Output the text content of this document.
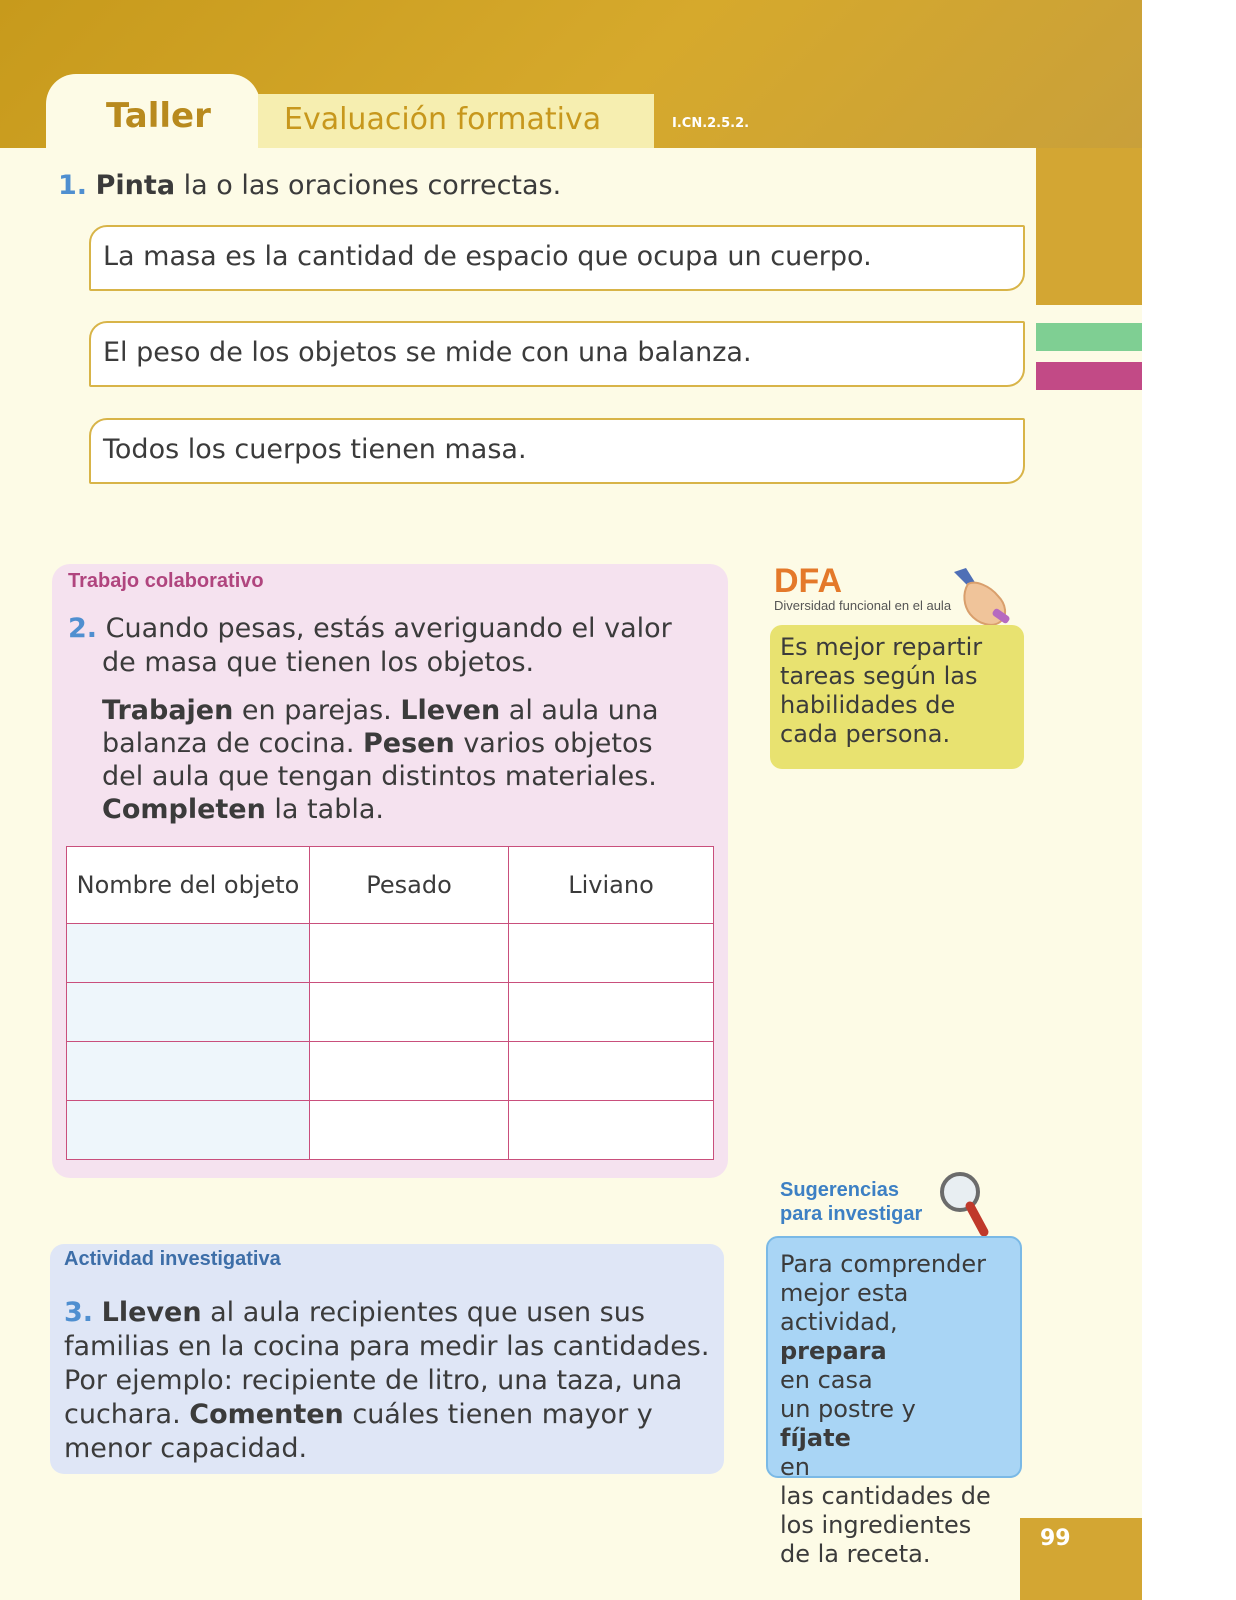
Taller Evaluación formativa	I.CN.2.5.2.
1. Pinta la o las oraciones correctas.
La masa es la cantidad de espacio que ocupa un cuerpo.
El peso de los objetos se mide con una balanza.
Todos los cuerpos tienen masa.
Trabajo colaborativo

2. Cuando pesas, estás averiguando el valor

de masa que tienen los objetos.

Trabajen en parejas. Lleven al aula una

balanza de cocina. Pesen varios objetos

del aula que tengan distintos materiales.

Completen la tabla.

Nombre del objeto	Pesado	Liviano

DFA
Diversidad funcional en el aula
Es mejor repartir
tareas según las
habilidades de
cada persona.
Actividad investigativa

3. Lleven al aula recipientes que usen sus familias en la cocina para medir las cantidades. Por ejemplo: recipiente de litro, una taza, una cuchara. Comenten cuáles tienen mayor y menor capacidad.

Sugerencias
para investigar
Para comprender
mejor esta actividad,
prepara
en casa
un postre y
fíjate
en
las cantidades de
los ingredientes
de la receta.
99
